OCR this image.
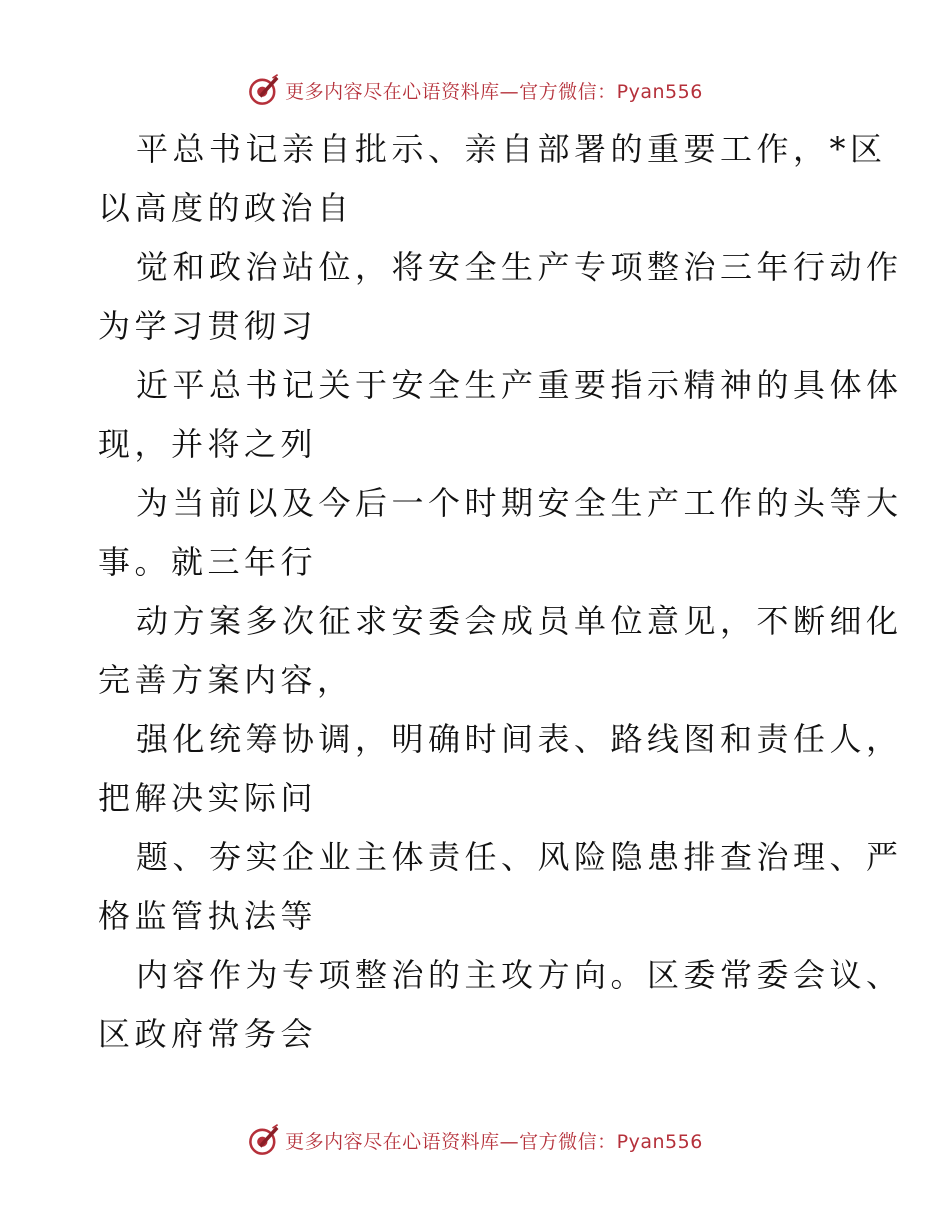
更多内容尽在心语资料库—官方微信：Pyan556

平总书记亲自批示、亲自部署的重要工作，*区

以高度的政治自

觉和政治站位，将安全生产专项整治三年行动作

为学习贯彻习

近平总书记关于安全生产重要指示精神的具体体

现，并将之列

为当前以及今后一个时期安全生产工作的头等大

事。就三年行

动方案多次征求安委会成员单位意见，不断细化

完善方案内容，

强化统筹协调，明确时间表、路线图和责任人，

把解决实际问

题、夯实企业主体责任、风险隐患排查治理、严

格监管执法等

内容作为专项整治的主攻方向。区委常委会议、

区政府常务会

更多内容尽在心语资料库—官方微信：Pyan556
